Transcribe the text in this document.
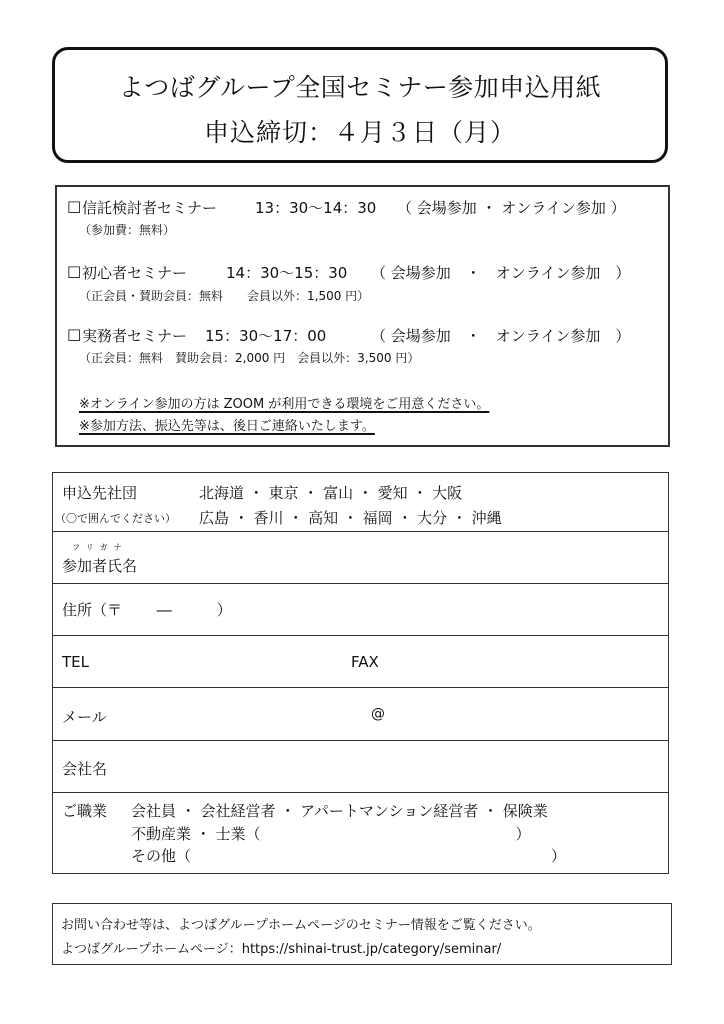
よつばグループ全国セミナー参加申込用紙
申込締切：４月３日（月）
□ 信託検討者セミナー	13：30～14：30 （ 会場参加 ・ オンライン参加 ）
（参加費：無料）
□ 初心者セミナー	14：30～15：30 （ 会場参加　・　オンライン参加　）
（正会員・賛助会員：無料　　会員以外：1,500 円）
□ 実務者セミナー 15：30～17：00	（ 会場参加　・　オンライン参加　）
（正会員：無料　賛助会員：2,000 円　会員以外：3,500 円）
※オンライン参加の方は ZOOM が利用できる環境をご用意ください。
※参加方法、振込先等は、後日ご連絡いたします。
申込先社団
（〇で囲んでください）
北海道 ・ 東京 ・ 富山 ・ 愛知 ・ 大阪
広島 ・ 香川 ・ 高知 ・ 福岡 ・ 大分 ・ 沖縄
フリガナ
参加者氏名
住所（〒　　 ―　　　）
TEL	FAX
メール	@
会社名
ご職業 会社員 ・ 会社経営者 ・ アパートマンション経営者 ・ 保険業
不動産業 ・ 士業（　　　　　　　　　　　　　　　　　）
その他（　　　　　　　　　　　　　　　　　　　　　　　　）
お問い合わせ等は、よつばグループホームページのセミナー情報をご覧ください。
よつばグループホームページ：https://shinai-trust.jp/category/seminar/
